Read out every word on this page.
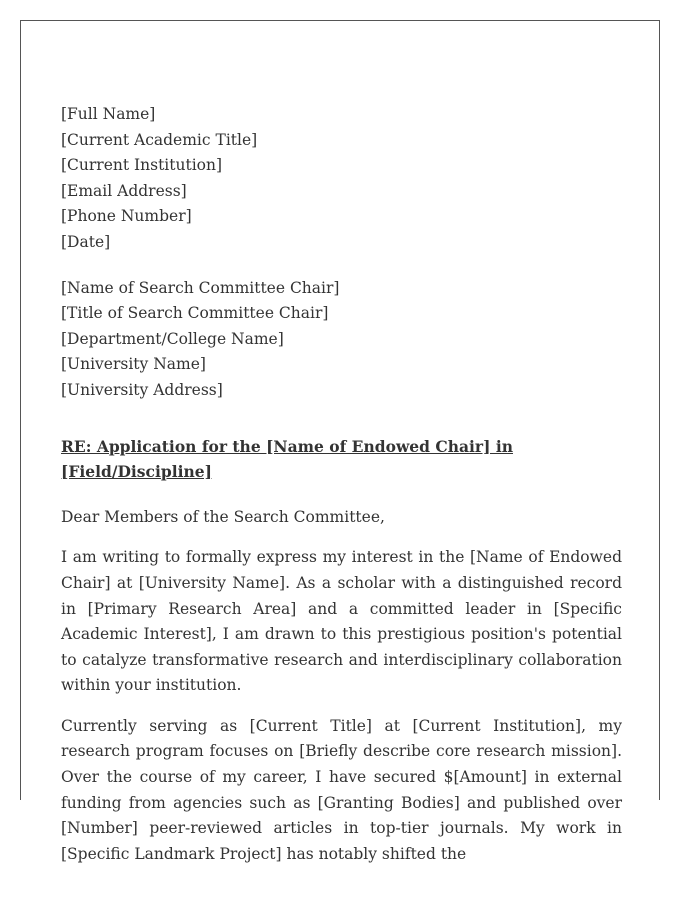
[Full Name]
[Current Academic Title]
[Current Institution]
[Email Address]
[Phone Number]
[Date]
[Name of Search Committee Chair]
[Title of Search Committee Chair]
[Department/College Name]
[University Name]
[University Address]
RE: Application for the [Name of Endowed Chair] in [Field/Discipline]
Dear Members of the Search Committee,
I am writing to formally express my interest in the [Name of Endowed Chair] at [University Name]. As a scholar with a distinguished record in [Primary Research Area] and a committed leader in [Specific Academic Interest], I am drawn to this prestigious position's potential to catalyze transformative research and interdisciplinary collaboration within your institution.
Currently serving as [Current Title] at [Current Institution], my research program focuses on [Briefly describe core research mission]. Over the course of my career, I have secured $[Amount] in external funding from agencies such as [Granting Bodies] and published over [Number] peer-reviewed articles in top-tier journals. My work in [Specific Landmark Project] has notably shifted the
